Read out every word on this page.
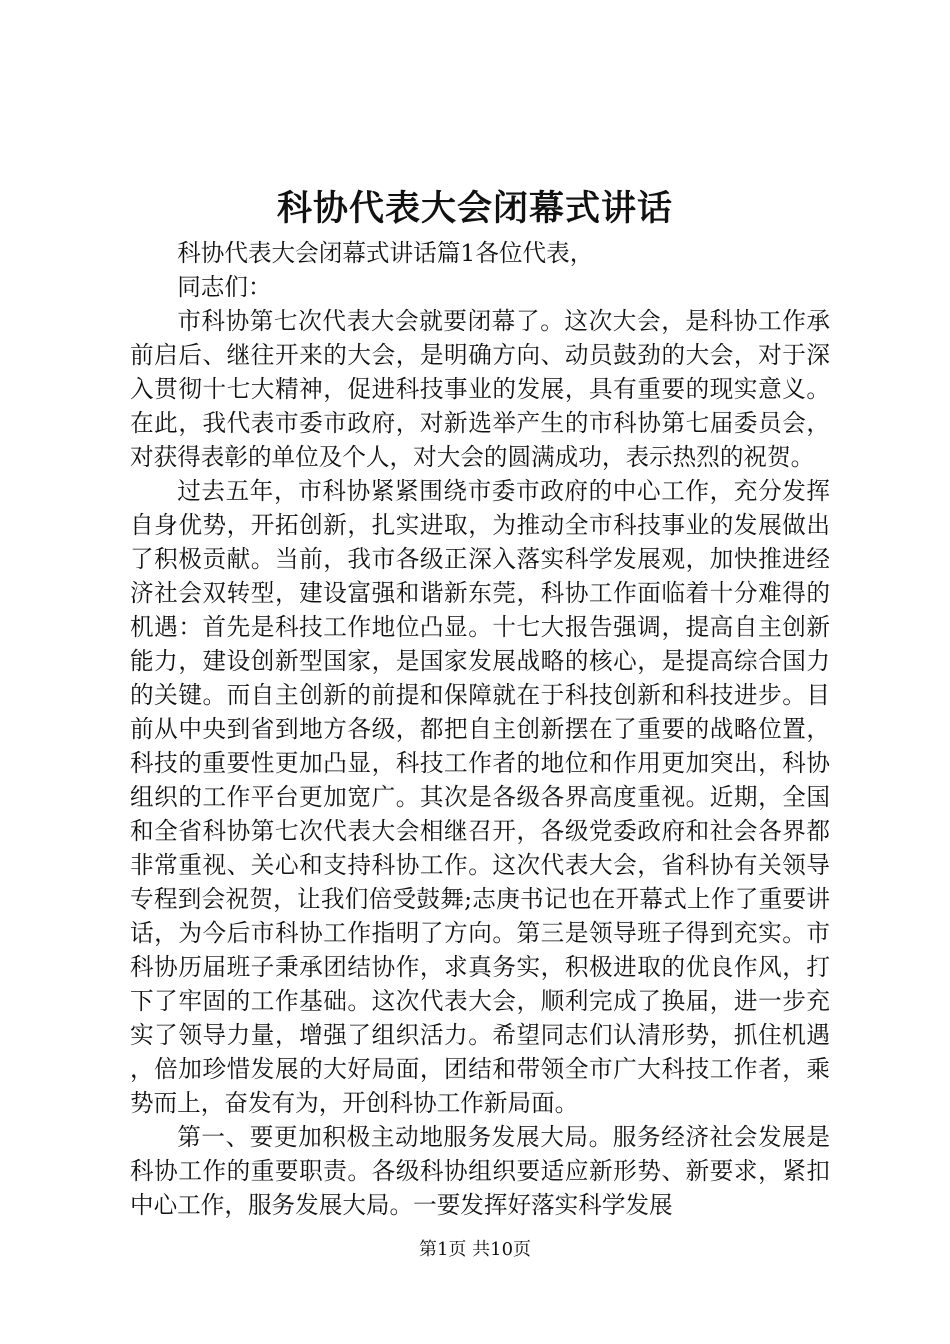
科协代表大会闭幕式讲话

科协代表大会闭幕式讲话篇1各位代表，

同志们：

市科协第七次代表大会就要闭幕了。这次大会，是科协工作承前启后、继往开来的大会，是明确方向、动员鼓劲的大会，对于深入贯彻十七大精神，促进科技事业的发展，具有重要的现实意义。在此，我代表市委市政府，对新选举产生的市科协第七届委员会，对获得表彰的单位及个人，对大会的圆满成功，表示热烈的祝贺。

过去五年，市科协紧紧围绕市委市政府的中心工作，充分发挥自身优势，开拓创新，扎实进取，为推动全市科技事业的发展做出了积极贡献。当前，我市各级正深入落实科学发展观，加快推进经济社会双转型，建设富强和谐新东莞，科协工作面临着十分难得的机遇：首先是科技工作地位凸显。十七大报告强调，提高自主创新能力，建设创新型国家，是国家发展战略的核心，是提高综合国力的关键。而自主创新的前提和保障就在于科技创新和科技进步。目前从中央到省到地方各级，都把自主创新摆在了重要的战略位置，科技的重要性更加凸显，科技工作者的地位和作用更加突出，科协组织的工作平台更加宽广。其次是各级各界高度重视。近期，全国和全省科协第七次代表大会相继召开，各级党委政府和社会各界都非常重视、关心和支持科协工作。这次代表大会，省科协有关领导专程到会祝贺，让我们倍受鼓舞;志庚书记也在开幕式上作了重要讲话，为今后市科协工作指明了方向。第三是领导班子得到充实。市科协历届班子秉承团结协作，求真务实，积极进取的优良作风，打下了牢固的工作基础。这次代表大会，顺利完成了换届，进一步充实了领导力量，增强了组织活力。希望同志们认清形势，抓住机遇，倍加珍惜发展的大好局面，团结和带领全市广大科技工作者，乘势而上，奋发有为，开创科协工作新局面。

第一、要更加积极主动地服务发展大局。服务经济社会发展是科协工作的重要职责。各级科协组织要适应新形势、新要求，紧扣中心工作，服务发展大局。一要发挥好落实科学发展

第1页 共10页
